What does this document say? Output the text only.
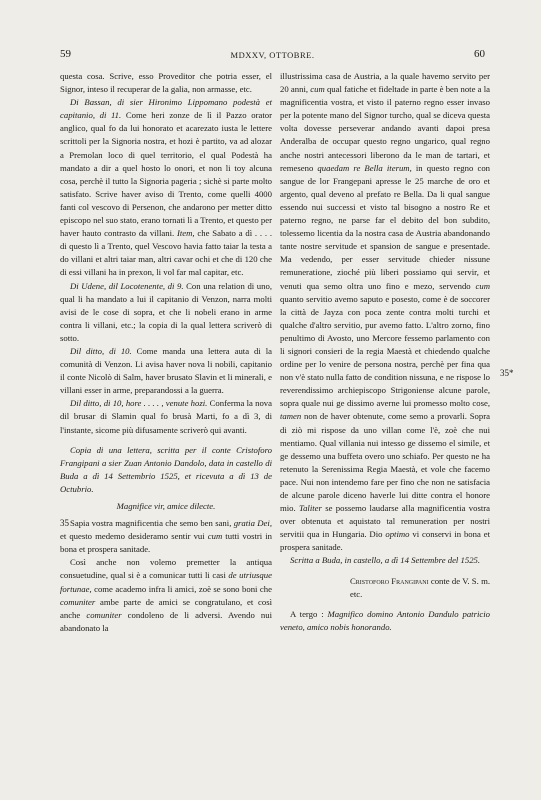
59	MDXXV, OTTOBRE.	60
35
35*

questa cosa. Scrive, esso Proveditor che potria esser, el Signor, inteso il recuperar de la galia, non armasse, etc.

Di Bassan, di sier Hironimo Lippomano podestà et capitanio, di 11. Come heri zonze de lì il Pazzo orator anglico, qual fo da lui honorato et acarezato iusta le lettere scrittoli per la Signoria nostra, et hozi è partito, va ad alozar a Premolan loco di quel territorio, el qual Podestà ha mandato a dir a quel hosto lo onori, et non li toy alcuna cosa, perchè il tutto la Signoria pageria ; sichè si parte molto satisfato. Scrive haver aviso di Trento, come quelli 4000 fanti col vescovo di Persenon, che andarono per metter ditto episcopo nel suo stato, erano tornati lì a Trento, et questo per haver hauto contrasto da villani. Item, che Sabato a dì . . . . di questo lì a Trento, quel Vescovo havia fatto taiar la testa a do villani et altri taiar man, altri cavar ochi et che di 120 che di essi villani ha in prexon, li vol far mal capitar, etc.

Di Udene, dil Locotenente, di 9. Con una relation di uno, qual li ha mandato a lui il capitanio di Venzon, narra molti avisi de le cose di sopra, et che li nobeli erano in arme contra li villani, etc.; la copia di la qual lettera scriverò di sotto.

Dil ditto, di 10. Come manda una lettera auta di la comunità di Venzon. Li avisa haver nova li nobili, capitanio il conte Nicolò di Salm, haver brusato Slavin et li minerali, e villani esser in arme, preparandossi a la guerra.

Dil ditto, di 10, hore . . . . , venute hozi. Conferma la nova dil brusar di Slamin qual fo brusà Marti, fo a dì 3, di l'instante, sicome più difusamente scriverò qui avanti.

Copia di una lettera, scritta per il conte Cristoforo Frangipani a sier Zuan Antonio Dandolo, data in castello di Buda a dì 14 Settembrio 1525, et ricevuta a dì 13 de Octubrio.

Magnifice vir, amice dilecte.

Sapia vostra magnificentia che semo ben sani, gratia Dei, et questo medemo desideramo sentir vui cum tutti vostri in bona et prospera sanitade.

Così anche non volemo premetter la antiqua consuetudine, qual si è a comunicar tutti li casi de utriusque fortunae, come academo infra li amici, zoè se sono boni che comuniter ambe parte de amici se congratulano, et così anche comuniter condoleno de li adversi. Avendo nui abandonato la

illustrissima casa de Austria, a la quale havemo servito per 20 anni, cum qual fatiche et fideltade in parte è ben note a la magnificentia vostra, et visto il paterno regno esser invaso per la potente mano del Signor turcho, qual se diceva questa volta dovesse perseverar andando avanti dapoi presa Anderalba de occupar questo regno ungarico, qual regno anche nostri antecessori liberono da le man de tartari, et remeseno quaedam re Bella iterum, in questo regno con sangue de lor Frangepani apresse le 25 marche de oro et argento, qual deveno al prefato re Bella. Da li qual sangue essendo nui successi et visto tal bisogno a nostro Re et paterno regno, ne parse far el debito del bon subdito, tolessemo licentia da la nostra casa de Austria abandonando tante nostre servitude et spansion de sangue e presentade. Ma vedendo, per esser servitude chieder nissune remuneratione, zioché più liberi possiamo qui servir, et venuti qua semo oltra uno fino e mezo, servendo cum quanto servitio avemo saputo e posesto, come è de soccorer la città de Jayza con poca zente contra molti turchi et qualche d'altro servitio, pur avemo fatto. L'altro zorno, fino penultimo di Avosto, uno Mercore fessemo parlamento con li signori consieri de la regia Maestà et chiedendo qualche ordine per lo venire de persona nostra, perchè per fina qua non v'è stato nulla fatto de condition nissuna, e ne rispose lo reverendissimo archiepiscopo Strigoniense alcune parole, sopra quale nui ge dissimo averne lui promesso molto cose, tamen non de haver obtenute, come semo a provarli. Sopra di ziò mi rispose da uno villan come l'è, zoè che nui mentiamo. Qual villania nui intesso ge dissemo el simile, et ge dessemo una buffeta overo uno schiafo. Per questo ne ha retenuto la Serenissima Regia Maestà, et vole che facemo pace. Nui non intendemo fare per fino che non ne satisfacia de alcune parole diceno haverle lui ditte contra el honore mio. Taliter se possemo laudarse alla magnificentia vostra over obtenuta et aquistato tal remuneration per nostri servitii qua in Hungaria. Dio optimo vi conservi in bona et prospera sanitade.

Scritta a Buda, in castello, a dì 14 Settembre del 1525.

Cristoforo Frangipani conte de V. S. m. etc.

A tergo : Magnifico domino Antonio Dandulo patricio veneto, amico nobis honorando.
